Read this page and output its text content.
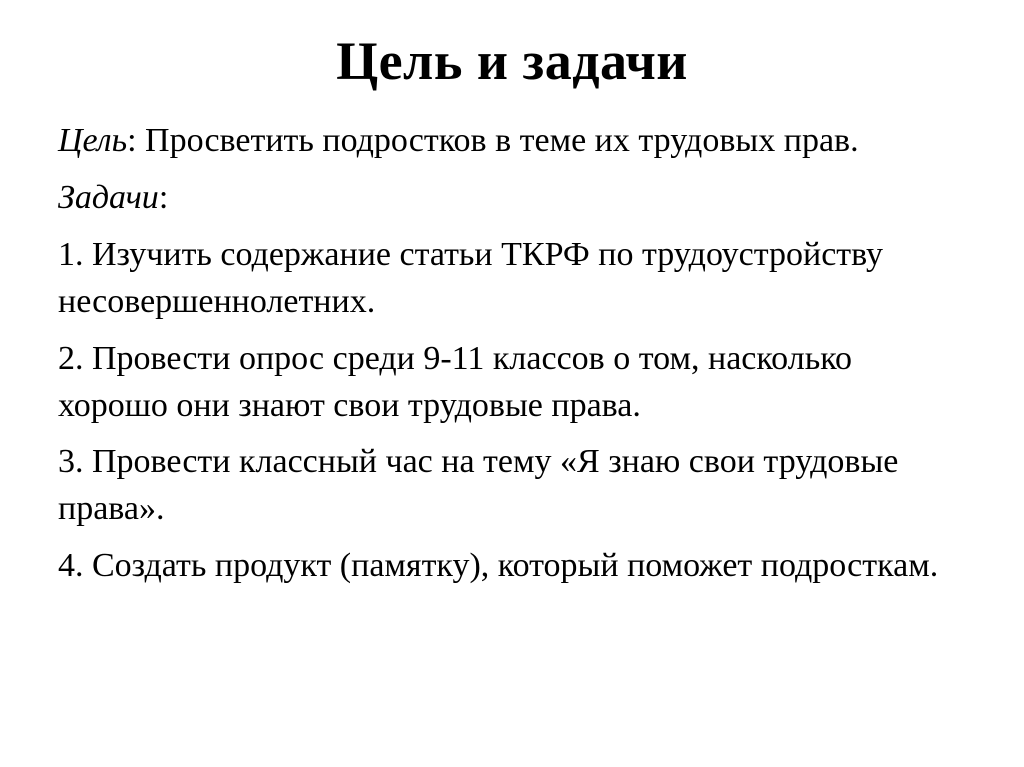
Цель и задачи

Цель: Просветить подростков в теме их трудовых прав.

Задачи:

1. Изучить содержание статьи ТКРФ по трудоустройству несовершеннолетних.

2. Провести опрос среди 9-11 классов о том, насколько хорошо они знают свои трудовые права.

3. Провести классный час на тему «Я знаю свои трудовые права».

4. Создать продукт (памятку), который поможет подросткам.
